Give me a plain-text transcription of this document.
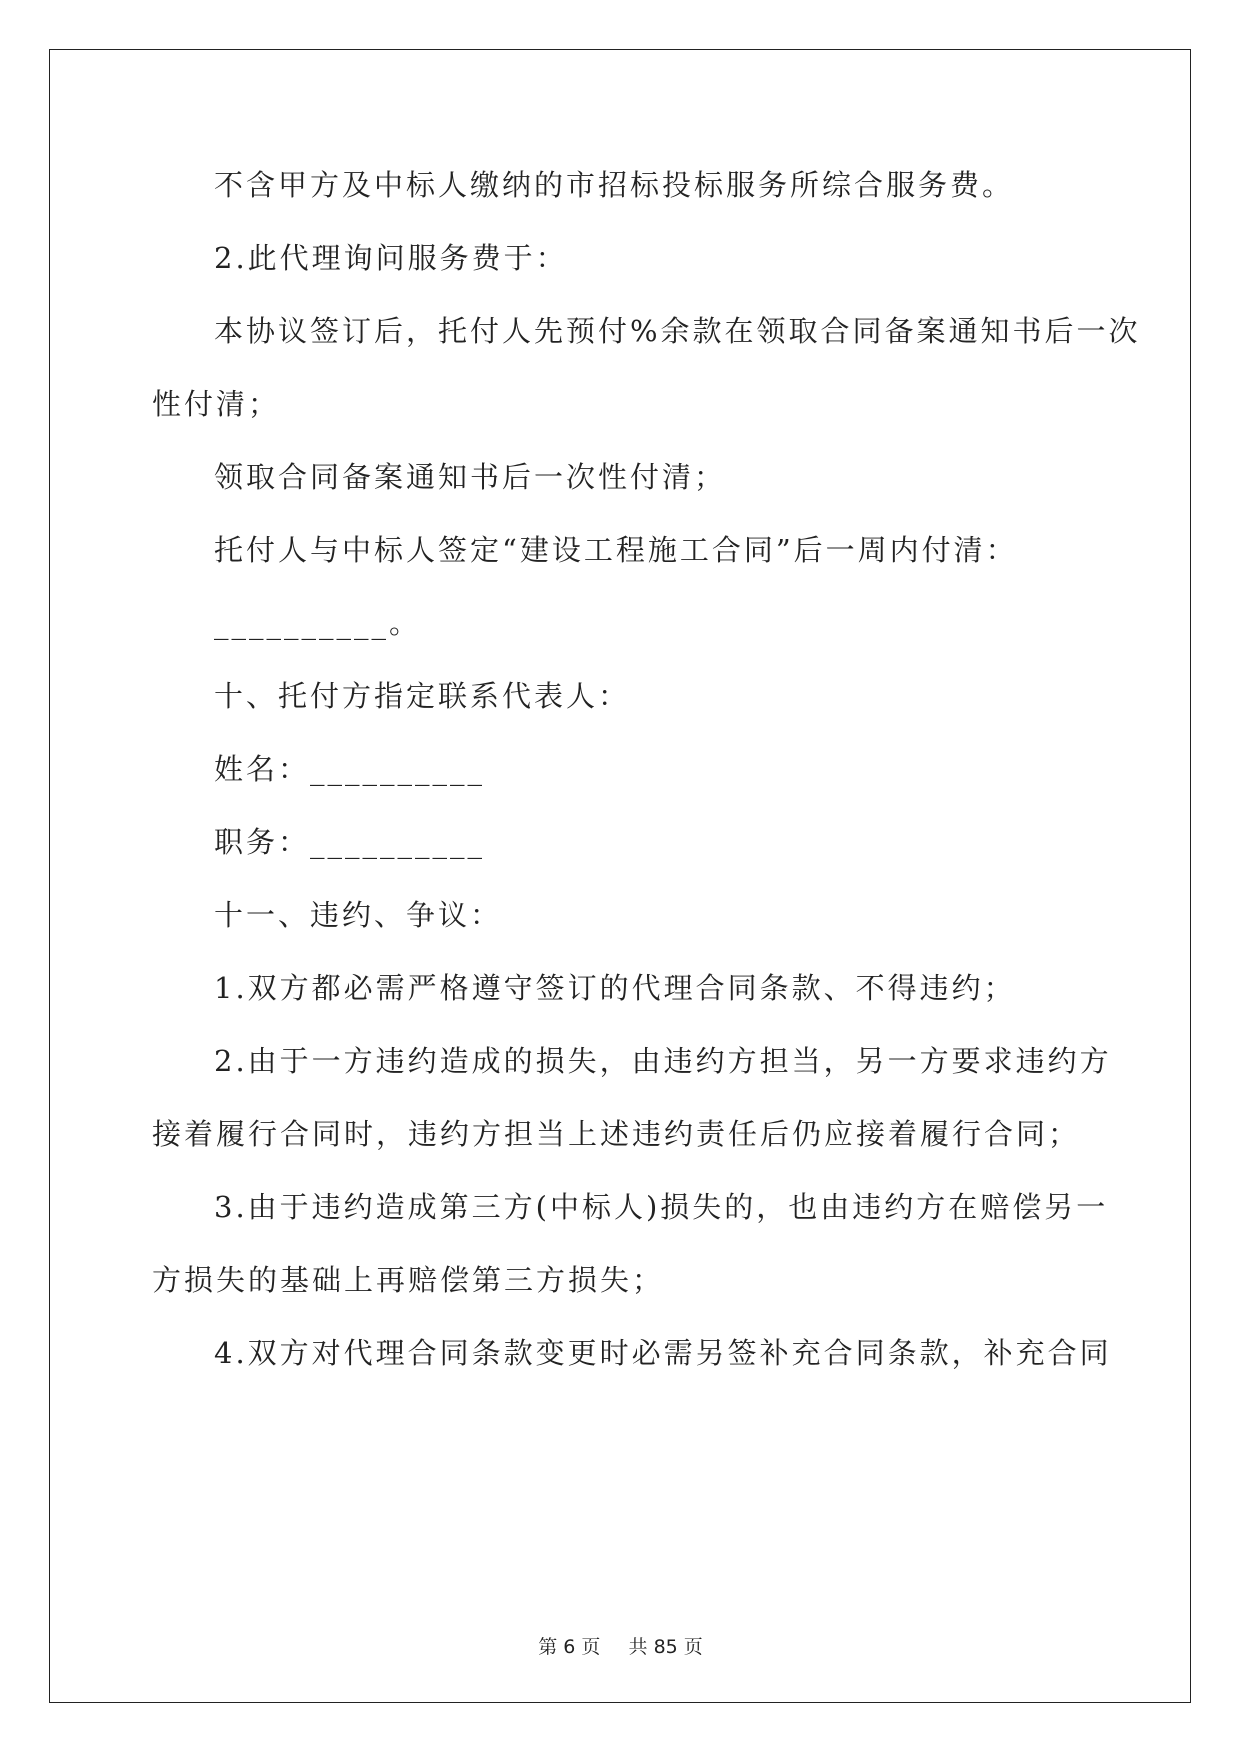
不含甲方及中标人缴纳的市招标投标服务所综合服务费。
2.此代理询问服务费于：
本协议签订后，托付人先预付%余款在领取合同备案通知书后一次
性付清；
领取合同备案通知书后一次性付清；
托付人与中标人签定“建设工程施工合同”后一周内付清：
__________。
十、托付方指定联系代表人：
姓名：__________
职务：__________
十一、违约、争议：
1.双方都必需严格遵守签订的代理合同条款、不得违约；
2.由于一方违约造成的损失，由违约方担当，另一方要求违约方
接着履行合同时，违约方担当上述违约责任后仍应接着履行合同；
3.由于违约造成第三方(中标人)损失的，也由违约方在赔偿另一
方损失的基础上再赔偿第三方损失；
4.双方对代理合同条款变更时必需另签补充合同条款，补充合同
第 6 页 共 85 页
